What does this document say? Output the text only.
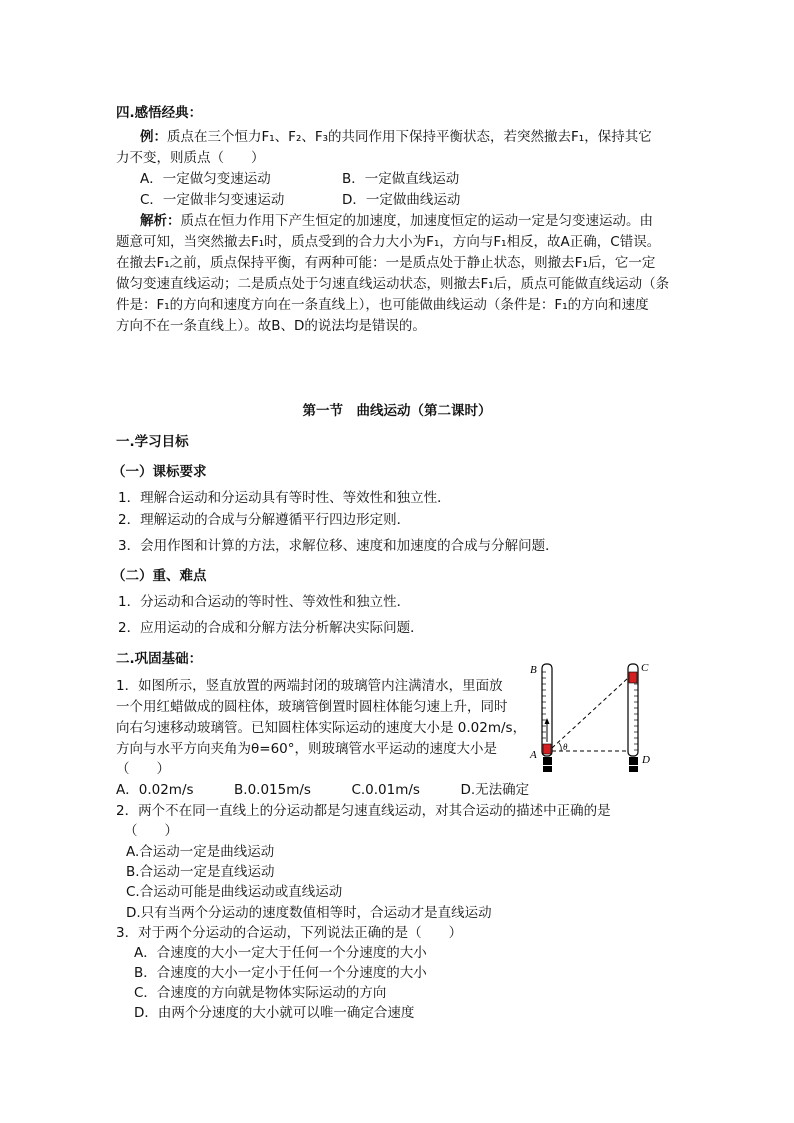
四.感悟经典：
例：质点在三个恒力F₁、F₂、F₃的共同作用下保持平衡状态，若突然撤去F₁，保持其它
力不变，则质点（　　）
A．一定做匀变速运动	B．一定做直线运动
C．一定做非匀变速运动	D．一定做曲线运动
解析：质点在恒力作用下产生恒定的加速度，加速度恒定的运动一定是匀变速运动。由
题意可知，当突然撤去F₁时，质点受到的合力大小为F₁，方向与F₁相反，故A正确，C错误。
在撤去F₁之前，质点保持平衡，有两种可能：一是质点处于静止状态，则撤去F₁后，它一定
做匀变速直线运动；二是质点处于匀速直线运动状态，则撤去F₁后，质点可能做直线运动（条
件是：F₁的方向和速度方向在一条直线上），也可能做曲线运动（条件是：F₁的方向和速度
方向不在一条直线上）。故B、D的说法均是错误的。
第一节　曲线运动（第二课时）
一.学习目标
（一）课标要求
1．理解合运动和分运动具有等时性、等效性和独立性．
2．理解运动的合成与分解遵循平行四边形定则．
3．会用作图和计算的方法，求解位移、速度和加速度的合成与分解问题．
（二）重、难点
1．分运动和合运动的等时性、等效性和独立性．
2．应用运动的合成和分解方法分析解决实际问题．
二.巩固基础：
1．如图所示，竖直放置的两端封闭的玻璃管内注满清水，里面放
一个用红蜡做成的圆柱体，玻璃管倒置时圆柱体能匀速上升，同时
向右匀速移动玻璃管。已知圆柱体实际运动的速度大小是 0.02m/s，
方向与水平方向夹角为θ=60°，则玻璃管水平运动的速度大小是
（　　）
A．0.02m/s　　　B.0.015m/s　　　C.0.01m/s　　　D.无法确定
2．两个不在同一直线上的分运动都是匀速直线运动，对其合运动的描述中正确的是
（　　）
A.合运动一定是曲线运动
B.合运动一定是直线运动
C.合运动可能是曲线运动或直线运动
D.只有当两个分运动的速度数值相等时，合运动才是直线运动
3．对于两个分运动的合运动，下列说法正确的是（　　）
A．合速度的大小一定大于任何一个分速度的大小
B．合速度的大小一定小于任何一个分速度的大小
C．合速度的方向就是物体实际运动的方向
D．由两个分速度的大小就可以唯一确定合速度
B
A
C
D
θ
